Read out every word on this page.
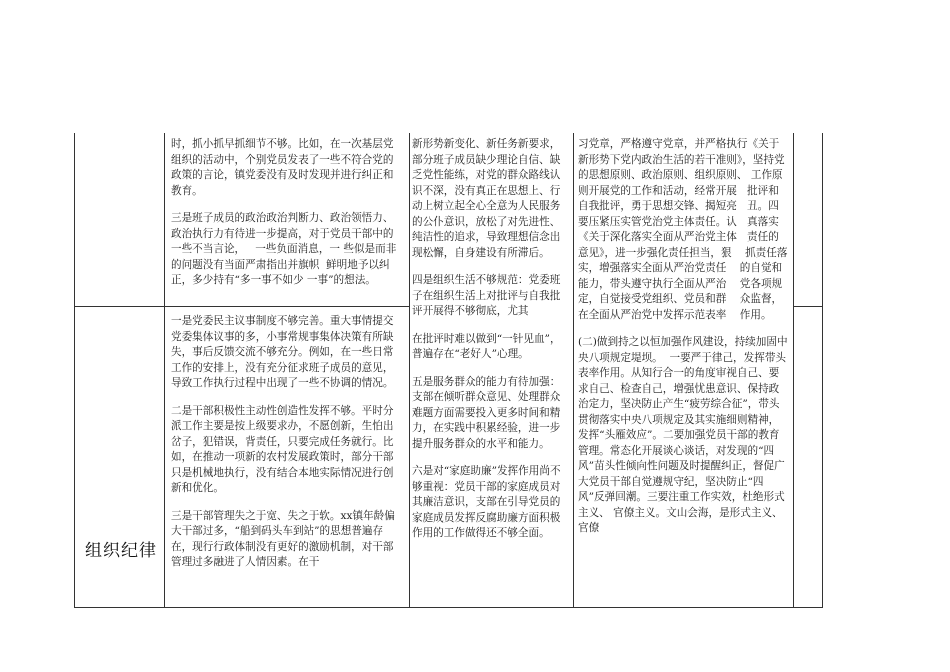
组织纪律

时，抓小抓早抓细节不够。比如，在一次基层党组织的活动中，个别党员发表了一些不符合党的政策的言论，镇党委没有及时发现并进行纠正和教育。

三是班子成员的政治政治判断力、政治领悟力、政治执行力有待进一步提高，对于党员干部中的一些不当言论，   一些负面消息，一 些似是而非的问题没有当面严肃指出并旗帜  鲜明地予以纠正，多少持有“多一事不如少 一事”的想法。

一是党委民主议事制度不够完善。重大事情提交党委集体议事的多，小事常规事集体决策有所缺失，事后反馈交流不够充分。例如，在一些日常工作的安排上，没有充分征求班子成员的意见，导致工作执行过程中出现了一些不协调的情况。

二是干部积极性主动性创造性发挥不够。平时分派工作主要是按上级要求办，不愿创新，生怕出岔子，犯错误，背责任，只要完成任务就行。比如，在推动一项新的农村发展政策时，部分干部只是机械地执行，没有结合本地实际情况进行创新和优化。

三是干部管理失之于宽、失之于软。xx镇年龄偏大干部过多，“船到码头车到站”的思想普遍存在，现行行政体制没有更好的激励机制，对干部管理过多融进了人情因素。在干

新形势新变化、新任务新要求，部分班子成员缺少理论自信、缺乏党性能练，对党的群众路线认识不深，没有真正在思想上、行动上树立起全心全意为人民服务的公仆意识，放松了对先进性、纯洁性的追求，导致理想信念出现松懈，自身建设有所滞后。

四是组织生活不够规范：党委班子在组织生活上对批评与自我批评开展得不够彻底，尤其

在批评时难以做到“一针见血”，普遍存在“老好人”心理。

五是服务群众的能力有待加强：支部在倾听群众意见、处理群众难题方面需要投入更多时间和精力，在实践中积累经验，进一步提升服务群众的水平和能力。

六是对“家庭助廉”发挥作用尚不够重视：党员干部的家庭成员对其廉洁意识，支部在引导党员的家庭成员发挥反腐助廉方面积极作用的工作做得还不够全面。

习党章，严格遵守党章，并严格执行《关于新形势下党内政治生活的若干准则》，坚持党的思想原则、政治原则、组织原则、 工作原则开展党的工作和活动，经常开展   批评和自我批评，勇于思想交锋、揭短亮   丑。四要压紧压实管党治党主体责任。认   真落实《关于深化落实全面从严治党主体   责任的意见》，进一步强化责任担当，狠    抓责任落实，增强落实全面从严治党责任    的自觉和能力，带头遵守执行全面从严治    党各项规定，自觉接受党组织、党员和群    众监督，在全面从严治党中发挥示范表率    作用。

(二)做到持之以恒加强作风建设，持续加固中央八项规定堤坝。  一要严于律己，发挥带头表率作用。从知行合一的角度审视自己、要求自己、检查自己，增强忧患意识、保持政治定力，坚决防止产生“疲劳综合征”，带头贯彻落实中央八项规定及其实施细则精神，发挥“头雁效应”。二要加强党员干部的教育管理。常态化开展谈心谈话，对发现的“四风”苗头性倾向性问题及时提醒纠正，督促广大党员干部自觉遵规守纪，坚决防止“四风”反弹回潮。三要注重工作实效，杜绝形式主义、 官僚主义。文山会海，是形式主义、官僚
